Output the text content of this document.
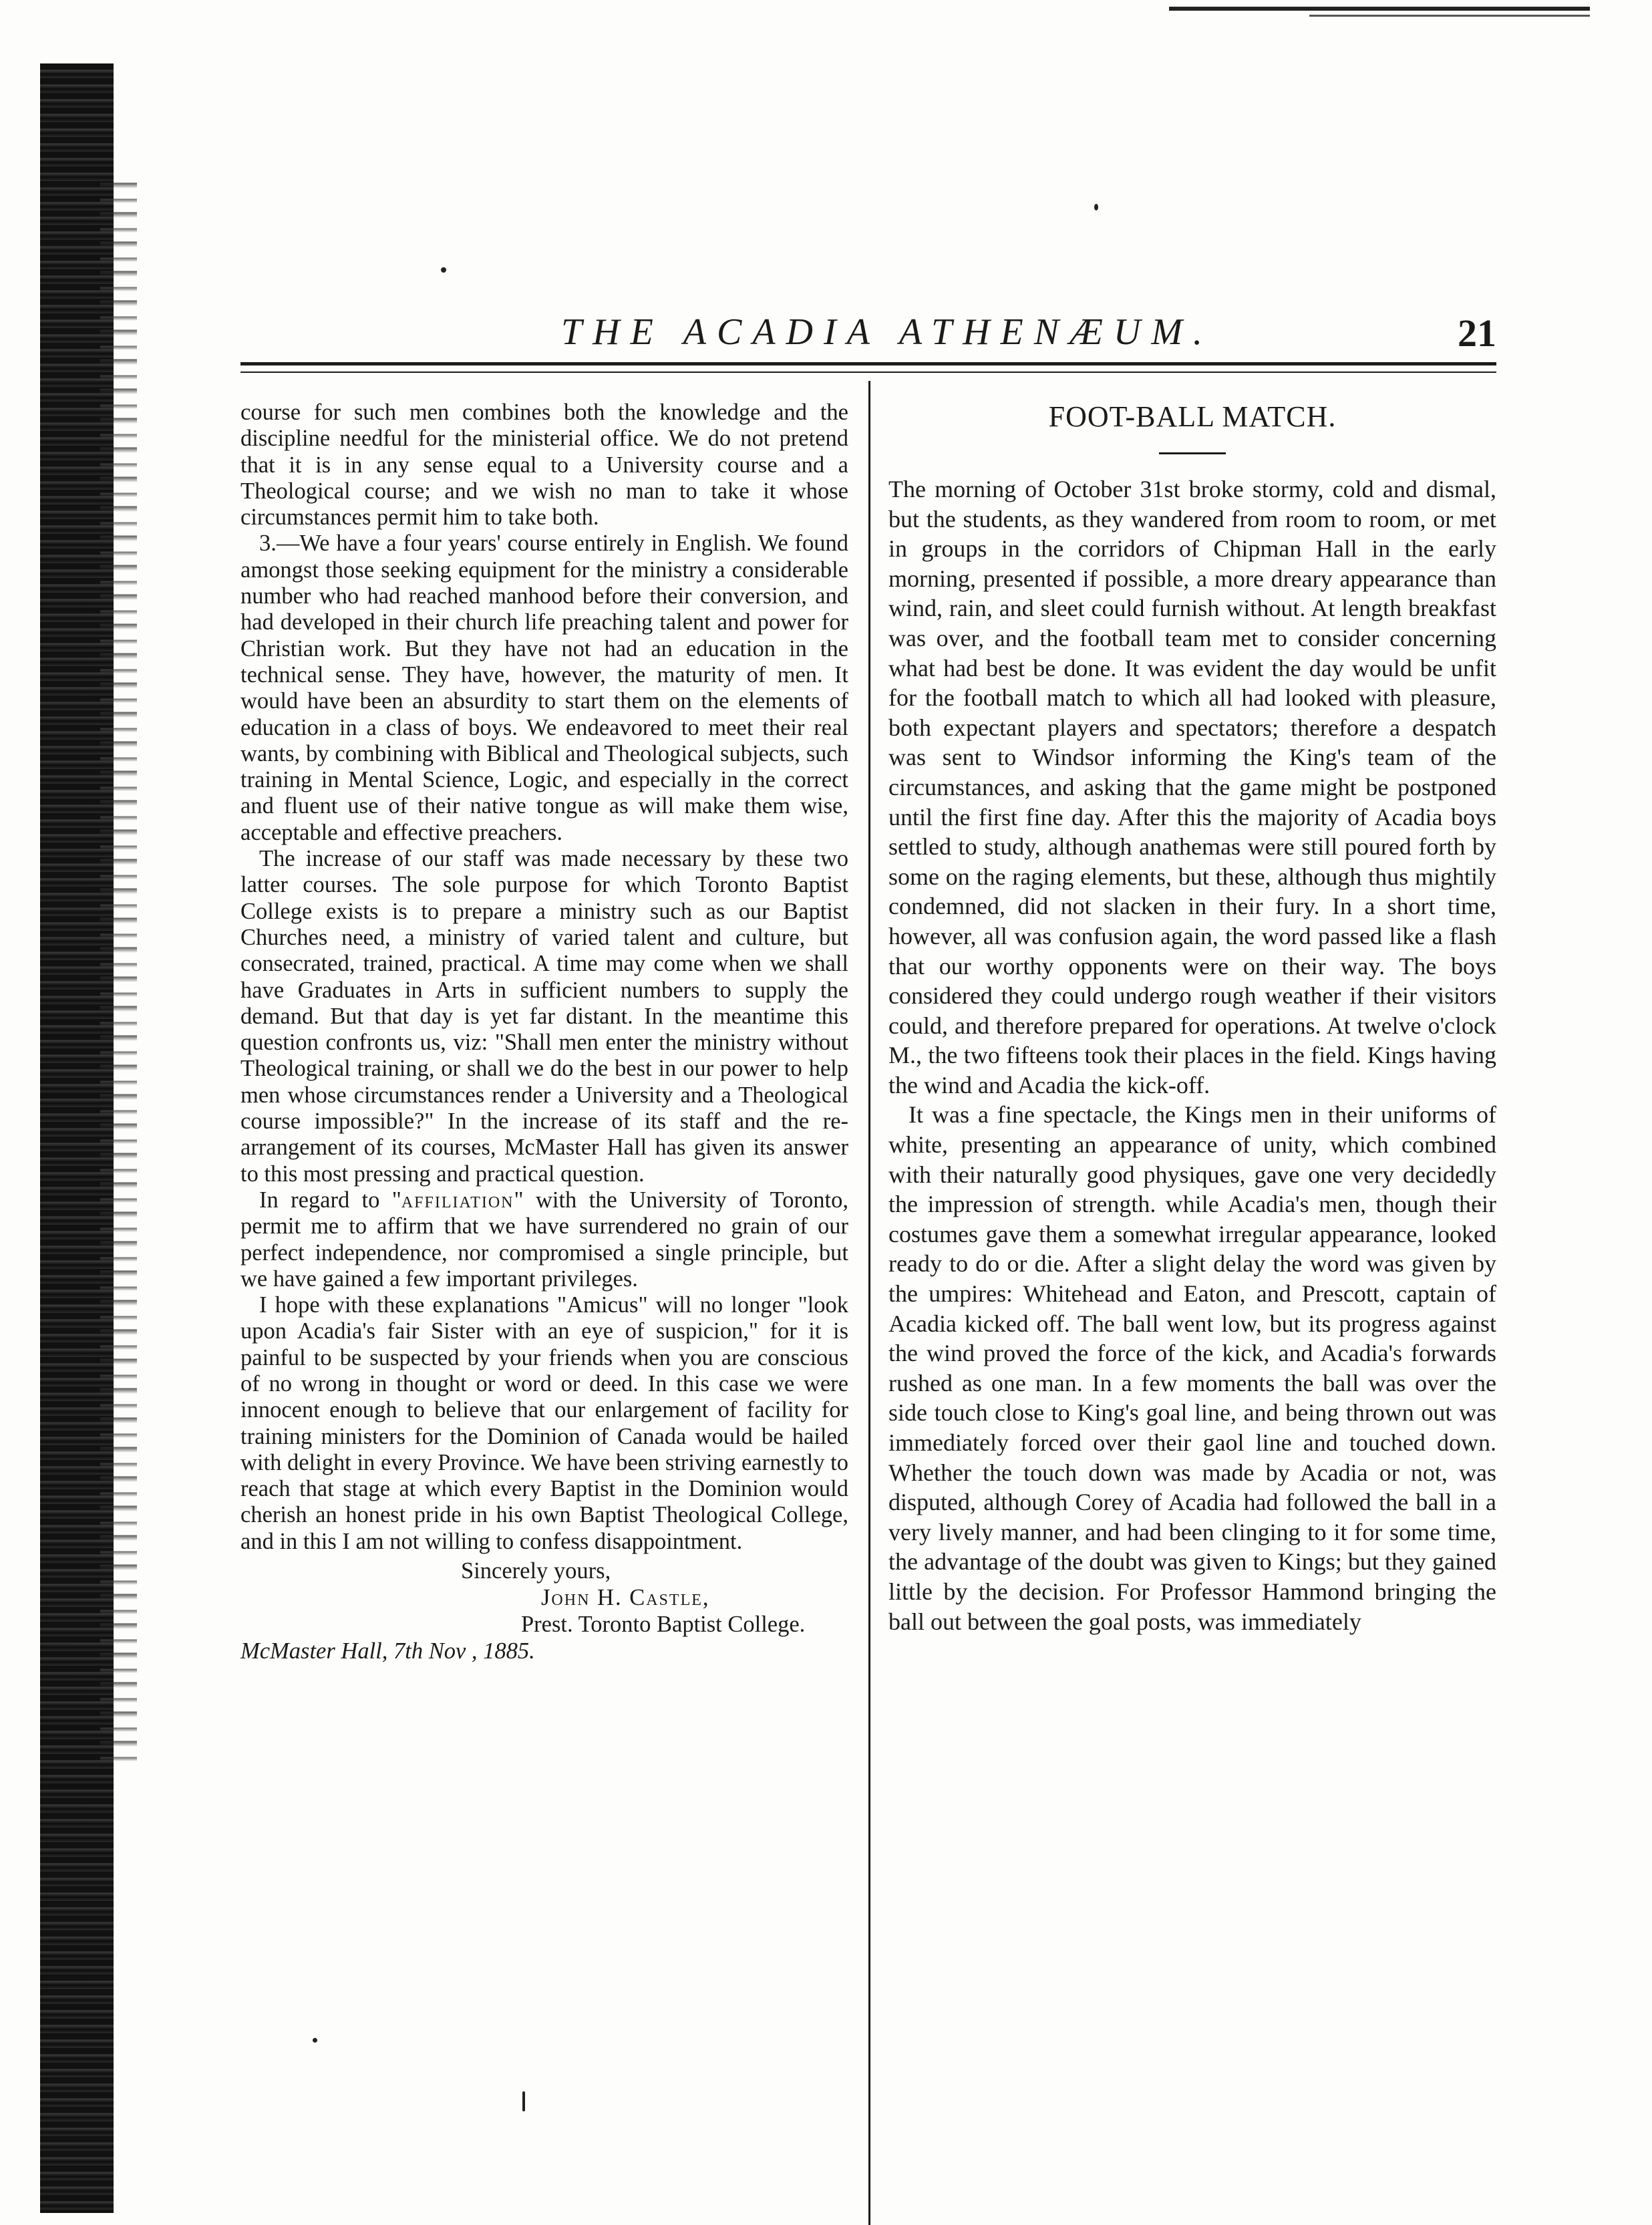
THE ACADIA ATHENÆUM.	21

course for such men combines both the knowledge and the discipline needful for the ministerial office. We do not pretend that it is in any sense equal to a University course and a Theological course; and we wish no man to take it whose circumstances permit him to take both.

3.—We have a four years' course entirely in English. We found amongst those seeking equipment for the ministry a considerable number who had reached manhood before their conversion, and had developed in their church life preaching talent and power for Christian work. But they have not had an education in the technical sense. They have, however, the maturity of men. It would have been an absurdity to start them on the elements of education in a class of boys. We endeavored to meet their real wants, by combining with Biblical and Theological subjects, such training in Mental Science, Logic, and especially in the correct and fluent use of their native tongue as will make them wise, acceptable and effective preachers.

The increase of our staff was made necessary by these two latter courses. The sole purpose for which Toronto Baptist College exists is to prepare a ministry such as our Baptist Churches need, a ministry of varied talent and culture, but consecrated, trained, practical. A time may come when we shall have Graduates in Arts in sufficient numbers to supply the demand. But that day is yet far distant. In the meantime this question confronts us, viz: "Shall men enter the ministry without Theological training, or shall we do the best in our power to help men whose circumstances render a University and a Theological course impossible?" In the increase of its staff and the re-arrangement of its courses, McMaster Hall has given its answer to this most pressing and practical question.

In regard to "affiliation" with the University of Toronto, permit me to affirm that we have surrendered no grain of our perfect independence, nor compromised a single principle, but we have gained a few important privileges.

I hope with these explanations "Amicus" will no longer "look upon Acadia's fair Sister with an eye of suspicion," for it is painful to be suspected by your friends when you are conscious of no wrong in thought or word or deed. In this case we were innocent enough to believe that our enlargement of facility for training ministers for the Dominion of Canada would be hailed with delight in every Province. We have been striving earnestly to reach that stage at which every Baptist in the Dominion would cherish an honest pride in his own Baptist Theological College, and in this I am not willing to confess disappointment.

Sincerely yours,
John H. Castle,
Prest. Toronto Baptist College.
McMaster Hall, 7th Nov , 1885.
FOOT-BALL MATCH.

The morning of October 31st broke stormy, cold and dismal, but the students, as they wandered from room to room, or met in groups in the corridors of Chipman Hall in the early morning, presented if possible, a more dreary appearance than wind, rain, and sleet could furnish without. At length breakfast was over, and the football team met to consider concerning what had best be done. It was evident the day would be unfit for the football match to which all had looked with pleasure, both expectant players and spectators; therefore a despatch was sent to Windsor informing the King's team of the circumstances, and asking that the game might be postponed until the first fine day. After this the majority of Acadia boys settled to study, although anathemas were still poured forth by some on the raging elements, but these, although thus mightily condemned, did not slacken in their fury. In a short time, however, all was confusion again, the word passed like a flash that our worthy opponents were on their way. The boys considered they could undergo rough weather if their visitors could, and therefore prepared for operations. At twelve o'clock M., the two fifteens took their places in the field. Kings having the wind and Acadia the kick-off.

It was a fine spectacle, the Kings men in their uniforms of white, presenting an appearance of unity, which combined with their naturally good physiques, gave one very decidedly the impression of strength. while Acadia's men, though their costumes gave them a somewhat irregular appearance, looked ready to do or die. After a slight delay the word was given by the umpires: Whitehead and Eaton, and Prescott, captain of Acadia kicked off. The ball went low, but its progress against the wind proved the force of the kick, and Acadia's forwards rushed as one man. In a few moments the ball was over the side touch close to King's goal line, and being thrown out was immediately forced over their gaol line and touched down. Whether the touch down was made by Acadia or not, was disputed, although Corey of Acadia had followed the ball in a very lively manner, and had been clinging to it for some time, the advantage of the doubt was given to Kings; but they gained little by the decision. For Professor Hammond bringing the ball out between the goal posts, was immediately
